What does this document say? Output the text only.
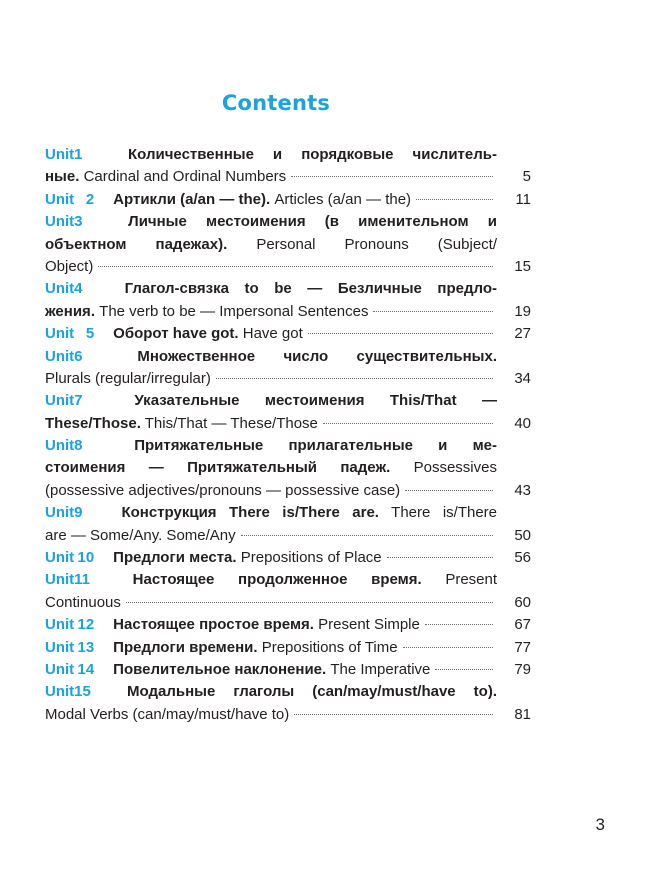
Contents
Unit1	Количественные и порядковые числитель-
ные. Cardinal and Ordinal Numbers	5
Unit 2 Артикли (a/an — the). Articles (a/an — the)	11
Unit3	Личные местоимения (в именительном и
объектном падежах). Personal Pronouns (Subject/
Object)	15
Unit4	Глагол-связка to be — Безличные предло-
жения. The verb to be — Impersonal Sentences	19
Unit 5 Оборот have got. Have got	27
Unit6	Множественное число существительных.
Plurals (regular/irregular)	34
Unit7	Указательные местоимения This/That —
These/Those. This/That — These/Those	40
Unit8	Притяжательные прилагательные и ме-
стоимения — Притяжательный падеж. Possessives
(possessive adjectives/pronouns — possessive case)	43
Unit9	Конструкция There is/There are. There is/There
are — Some/Any. Some/Any	50
Unit 10 Предлоги места. Prepositions of Place	56
Unit11	Настоящее продолженное время. Present
Continuous	60
Unit 12 Настоящее простое время. Present Simple	67
Unit 13 Предлоги времени. Prepositions of Time	77
Unit 14 Повелительное наклонение. The Imperative	79
Unit15 Модальные глаголы (can/may/must/have to).
Modal Verbs (can/may/must/have to)	81
3
